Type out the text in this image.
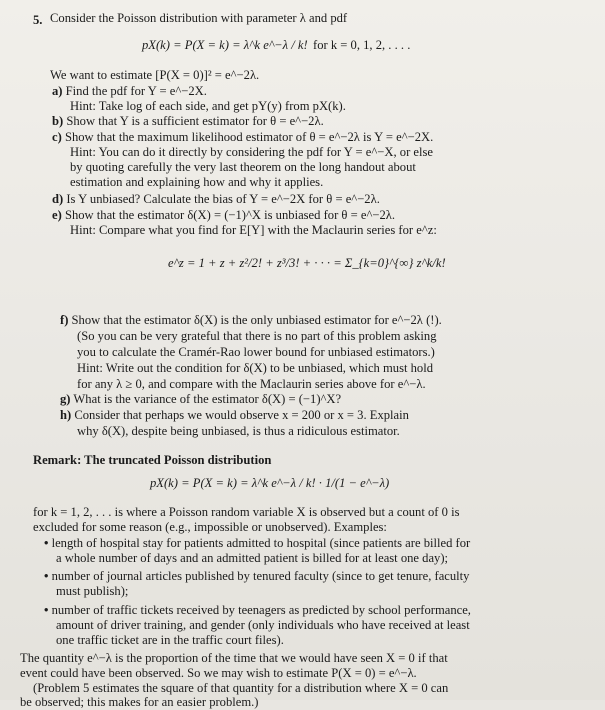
5. Consider the Poisson distribution with parameter λ and pdf
pX(k) = P(X = k) = λ^k e^−λ / k! for k = 0, 1, 2, . . . .
We want to estimate [P(X = 0)]² = e^−2λ.
a) Find the pdf for Y = e^−2X.
Hint: Take log of each side, and get pY(y) from pX(k).
b) Show that Y is a sufficient estimator for θ = e^−2λ.
c) Show that the maximum likelihood estimator of θ = e^−2λ is Y = e^−2X.
Hint: You can do it directly by considering the pdf for Y = e^−X, or else
by quoting carefully the very last theorem on the long handout about
estimation and explaining how and why it applies.
d) Is Y unbiased? Calculate the bias of Y = e^−2X for θ = e^−2λ.
e) Show that the estimator δ(X) = (−1)^X is unbiased for θ = e^−2λ.
Hint: Compare what you find for E[Y] with the Maclaurin series for e^z:
e^z = 1 + z + z²/2! + z³/3! + · · · = Σ_{k=0}^{∞} z^k/k!
f) Show that the estimator δ(X) is the only unbiased estimator for e^−2λ (!).
(So you can be very grateful that there is no part of this problem asking
you to calculate the Cramér-Rao lower bound for unbiased estimators.)
Hint: Write out the condition for δ(X) to be unbiased, which must hold
for any λ ≥ 0, and compare with the Maclaurin series above for e^−λ.
g) What is the variance of the estimator δ(X) = (−1)^X?
h) Consider that perhaps we would observe x = 200 or x = 3. Explain
why δ(X), despite being unbiased, is thus a ridiculous estimator.
Remark: The truncated Poisson distribution
pX(k) = P(X = k) = λ^k e^−λ / k! · 1/(1 − e^−λ)
for k = 1, 2, . . . is where a Poisson random variable X is observed but a count of 0 is
excluded for some reason (e.g., impossible or unobserved). Examples:
• length of hospital stay for patients admitted to hospital (since patients are billed for
a whole number of days and an admitted patient is billed for at least one day);
• number of journal articles published by tenured faculty (since to get tenure, faculty
must publish);
• number of traffic tickets received by teenagers as predicted by school performance,
amount of driver training, and gender (only individuals who have received at least
one traffic ticket are in the traffic court files).
The quantity e^−λ is the proportion of the time that we would have seen X = 0 if that
event could have been observed. So we may wish to estimate P(X = 0) = e^−λ.
(Problem 5 estimates the square of that quantity for a distribution where X = 0 can
be observed; this makes for an easier problem.)
